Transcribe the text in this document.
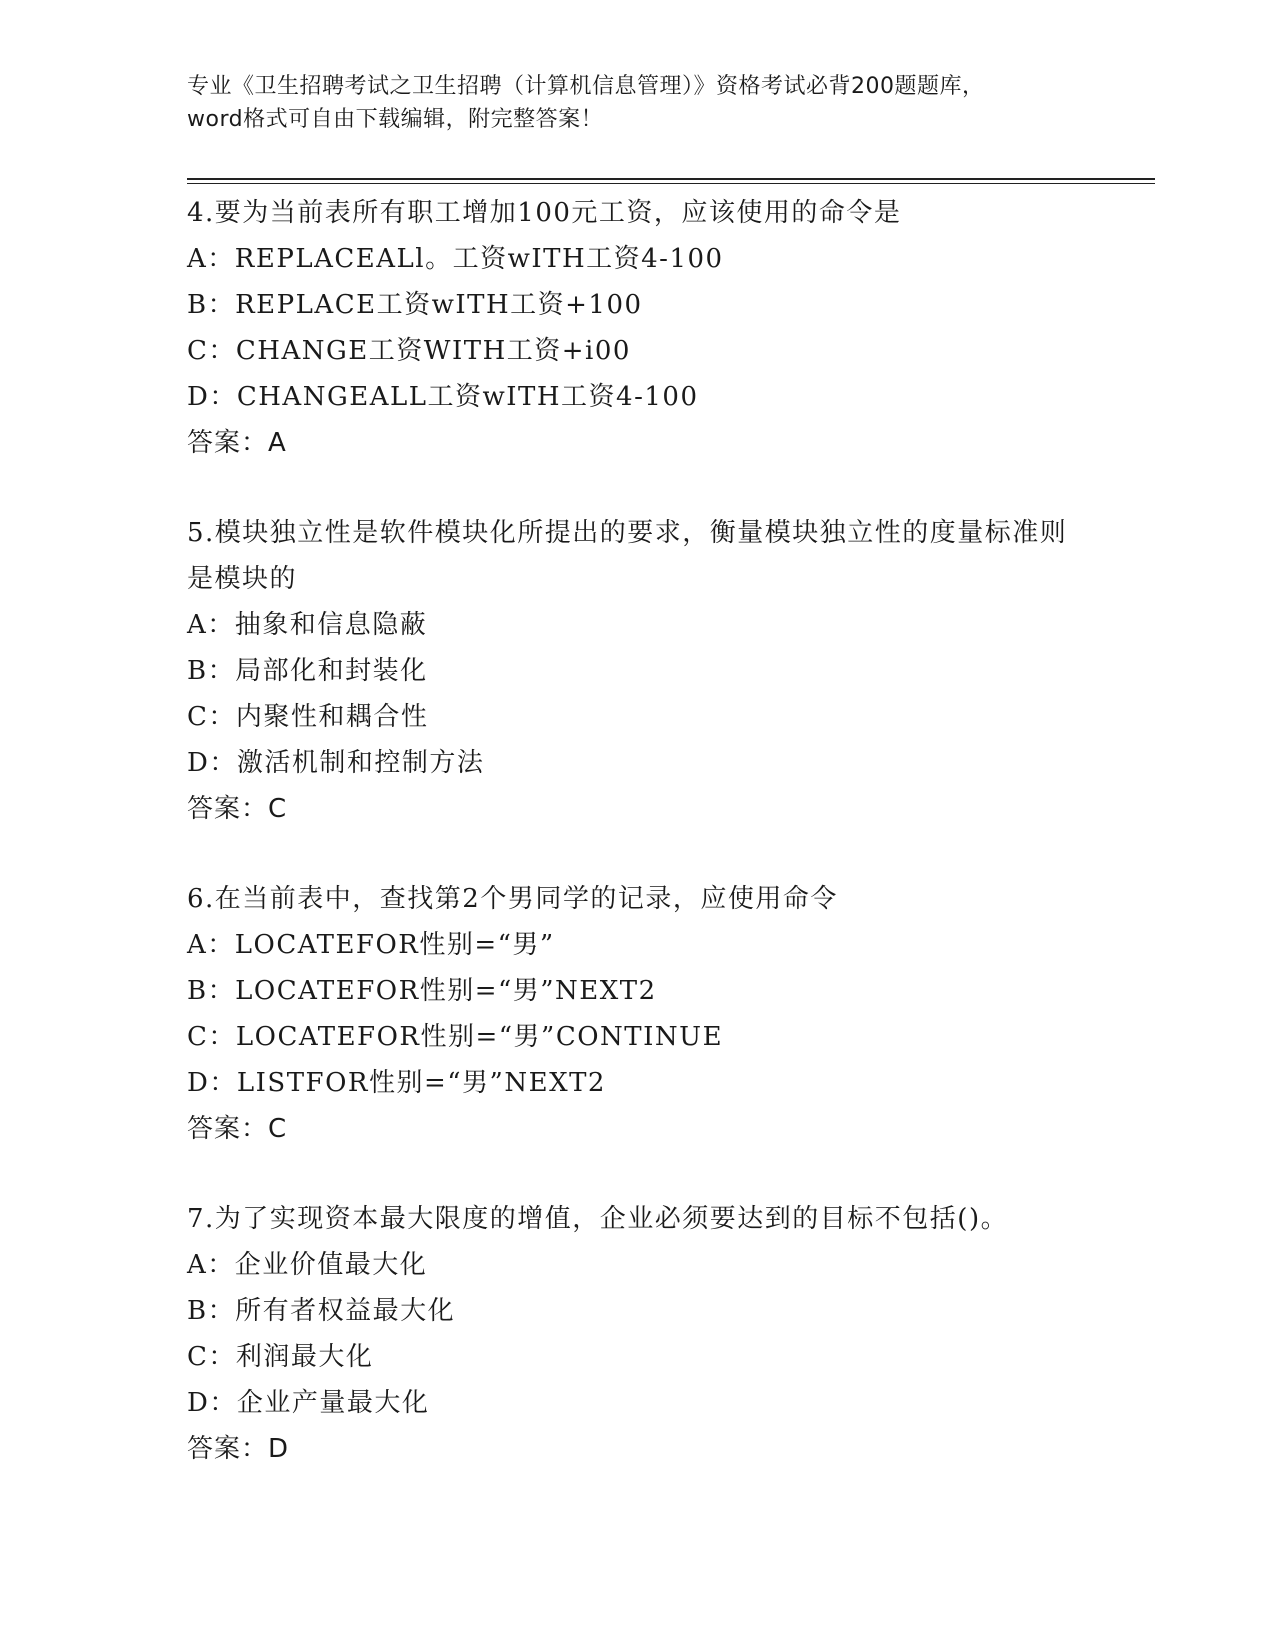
专业《卫生招聘考试之卫生招聘（计算机信息管理）》资格考试必背200题题库，
word格式可自由下载编辑，附完整答案！
4.要为当前表所有职工增加100元工资，应该使用的命令是
A：REPLACEALl。工资wITH工资4-100
B：REPLACE工资wITH工资+100
C：CHANGE工资WITH工资+i00
D：CHANGEALL工资wITH工资4-100
答案：A
5.模块独立性是软件模块化所提出的要求，衡量模块独立性的度量标准则是模块的
A：抽象和信息隐蔽
B：局部化和封装化
C：内聚性和耦合性
D：激活机制和控制方法
答案：C
6.在当前表中，查找第2个男同学的记录，应使用命令
A：LOCATEFOR性别=“男”
B：LOCATEFOR性别=“男”NEXT2
C：LOCATEFOR性别=“男”CONTINUE
D：LISTFOR性别=“男”NEXT2
答案：C
7.为了实现资本最大限度的增值，企业必须要达到的目标不包括()。
A：企业价值最大化
B：所有者权益最大化
C：利润最大化
D：企业产量最大化
答案：D
